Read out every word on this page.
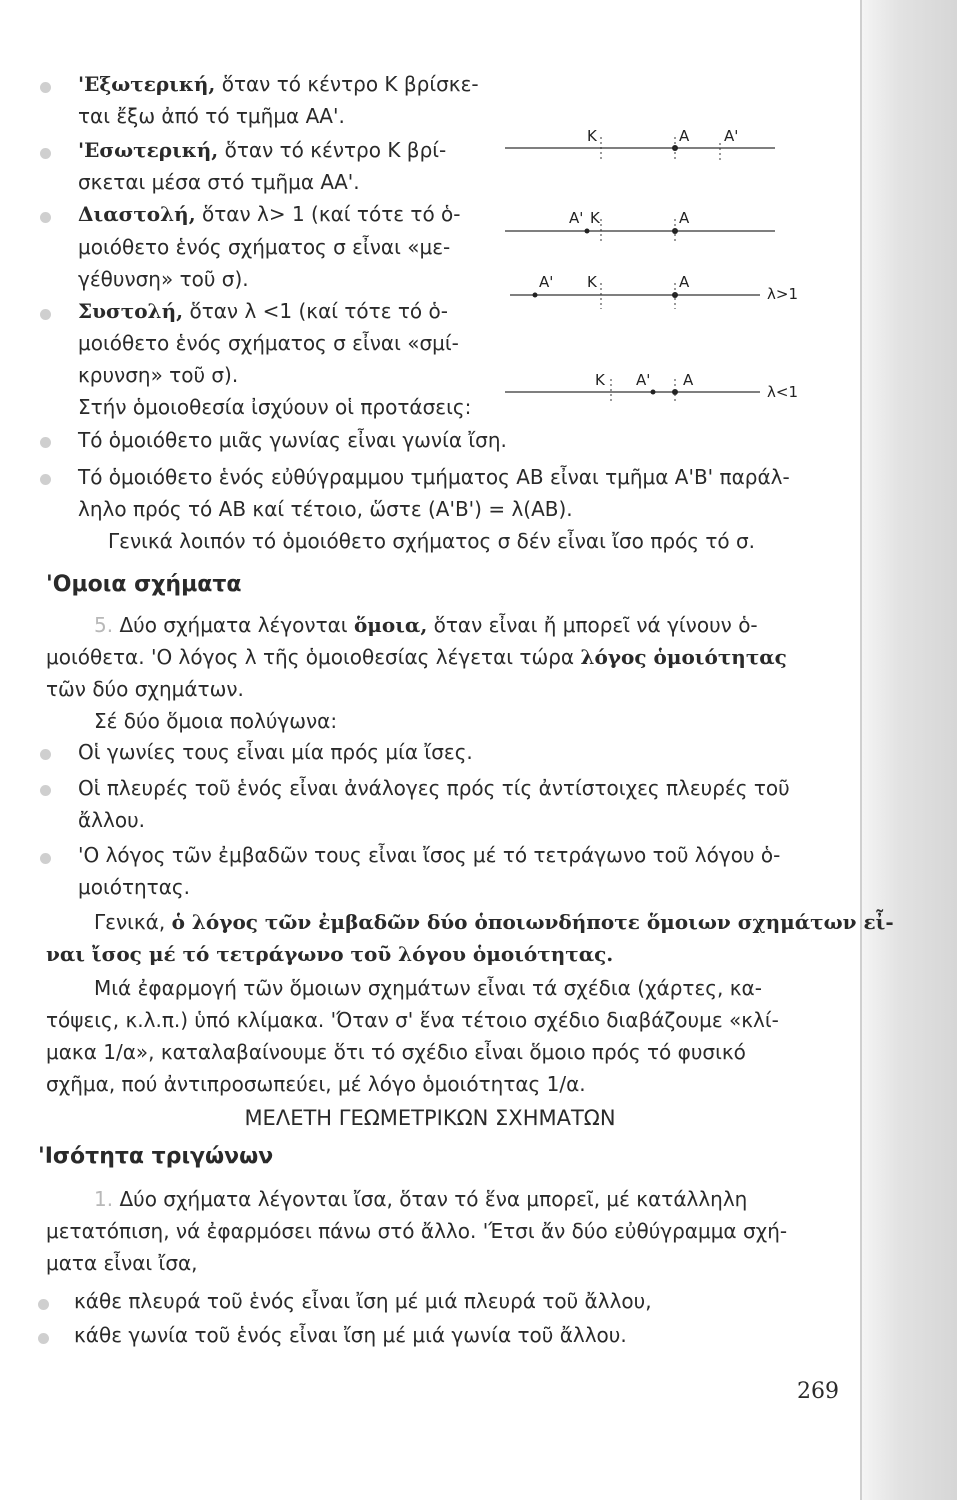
'Εξωτερική, ὅταν τό κέντρο Κ βρίσκε-
ται ἔξω ἀπό τό τμῆμα ΑΑ'.
'Εσωτερική, ὅταν τό κέντρο Κ βρί-
σκεται μέσα στό τμῆμα ΑΑ'.
Διαστολή, ὅταν λ> 1 (καί τότε τό ὁ-
μοιόθετο ἑνός σχήματος σ εἶναι «με-
γέθυνση» τοῦ σ).
Συστολή, ὅταν λ <1 (καί τότε τό ὁ-
μοιόθετο ἑνός σχήματος σ εἶναι «σμί-
κρυνση» τοῦ σ).
Στήν ὁμοιοθεσία ἰσχύουν οἱ προτάσεις:
Κ	Α Α'
Α' Κ	Α
Α' Κ	Α
λ>1
Κ Α' Α
λ<1
Τό ὁμοιόθετο μιᾶς γωνίας εἶναι γωνία ἴση.
Τό ὁμοιόθετο ἑνός εὐθύγραμμου τμήματος ΑΒ εἶναι τμῆμα Α'Β' παράλ-
ληλο πρός τό ΑΒ καί τέτοιο, ὥστε (Α'Β') = λ(ΑΒ).
Γενικά λοιπόν τό ὁμοιόθετο σχήματος σ δέν εἶναι ἴσο πρός τό σ.
'Ομοια σχήματα
5. Δύο σχήματα λέγονται ὅμοια, ὅταν εἶναι ἤ μπορεῖ νά γίνουν ὁ-
μοιόθετα. 'Ο λόγος λ τῆς ὁμοιοθεσίας λέγεται τώρα λόγος ὁμοιότητας
τῶν δύο σχημάτων.
Σέ δύο ὅμοια πολύγωνα:
Οἱ γωνίες τους εἶναι μία πρός μία ἴσες.
Οἱ πλευρές τοῦ ἑνός εἶναι ἀνάλογες πρός τίς ἀντίστοιχες πλευρές τοῦ
ἄλλου.
'Ο λόγος τῶν ἐμβαδῶν τους εἶναι ἴσος μέ τό τετράγωνο τοῦ λόγου ὁ-
μοιότητας.
Γενικά, ὁ λόγος τῶν ἐμβαδῶν δύο ὁποιωνδήποτε ὅμοιων σχημάτων εἶ-
ναι ἴσος μέ τό τετράγωνο τοῦ λόγου ὁμοιότητας.
Μιά ἐφαρμογή τῶν ὅμοιων σχημάτων εἶναι τά σχέδια (χάρτες, κα-
τόψεις, κ.λ.π.) ὑπό κλίμακα. 'Όταν σ' ἕνα τέτοιο σχέδιο διαβάζουμε «κλί-
μακα 1/α», καταλαβαίνουμε ὅτι τό σχέδιο εἶναι ὅμοιο πρός τό φυσικό
σχῆμα, πού ἀντιπροσωπεύει, μέ λόγο ὁμοιότητας 1/α.
ΜΕΛΕΤΗ ΓΕΩΜΕΤΡΙΚΩΝ ΣΧΗΜΑΤΩΝ
'Ισότητα τριγώνων
1. Δύο σχήματα λέγονται ἴσα, ὅταν τό ἕνα μπορεῖ, μέ κατάλληλη
μετατόπιση, νά ἐφαρμόσει πάνω στό ἄλλο. 'Έτσι ἄν δύο εὐθύγραμμα σχή-
ματα εἶναι ἴσα,
κάθε πλευρά τοῦ ἑνός εἶναι ἴση μέ μιά πλευρά τοῦ ἄλλου,
κάθε γωνία τοῦ ἑνός εἶναι ἴση μέ μιά γωνία τοῦ ἄλλου.
269
